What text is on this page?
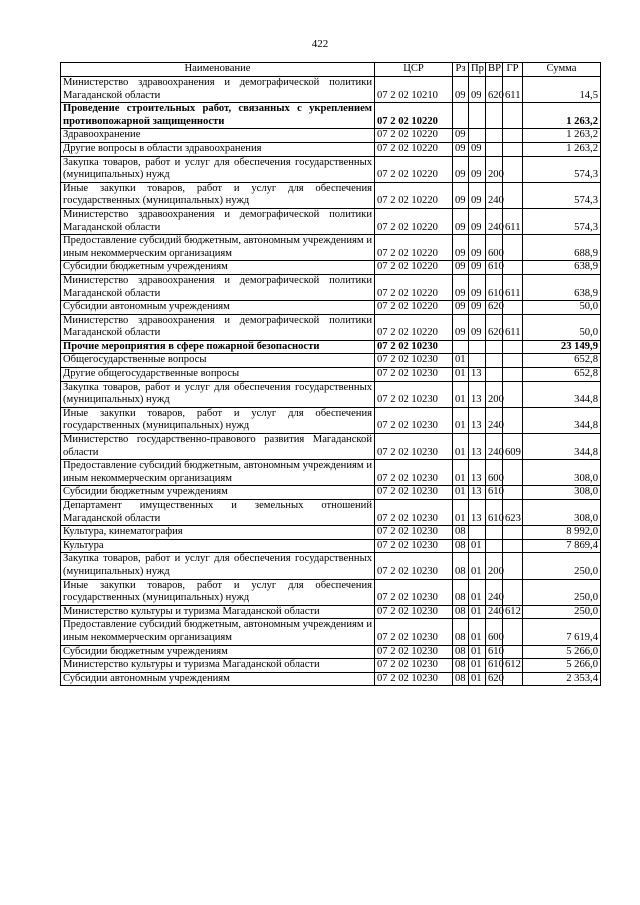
422
Наименование	ЦСР	Рз	Пр	ВР	ГР	Сумма
Министерство здравоохранения и демографической политики Магаданской области	07 2 02 10210	09	09	620	611	14,5
Проведение строительных работ, связанных с укреплением противопожарной защищенности	07 2 02 10220					1 263,2
Здравоохранение	07 2 02 10220	09				1 263,2
Другие вопросы в области здравоохранения	07 2 02 10220	09	09			1 263,2
Закупка товаров, работ и услуг для обеспечения государственных (муниципальных) нужд	07 2 02 10220	09	09	200		574,3
Иные закупки товаров, работ и услуг для обеспечения государственных (муниципальных) нужд	07 2 02 10220	09	09	240		574,3
Министерство здравоохранения и демографической политики Магаданской области	07 2 02 10220	09	09	240	611	574,3
Предоставление субсидий бюджетным, автономным учреждениям и иным некоммерческим организациям	07 2 02 10220	09	09	600		688,9
Субсидии бюджетным учреждениям	07 2 02 10220	09	09	610		638,9
Министерство здравоохранения и демографической политики Магаданской области	07 2 02 10220	09	09	610	611	638,9
Субсидии автономным учреждениям	07 2 02 10220	09	09	620		50,0
Министерство здравоохранения и демографической политики Магаданской области	07 2 02 10220	09	09	620	611	50,0
Прочие мероприятия в сфере пожарной безопасности	07 2 02 10230					23 149,9
Общегосударственные вопросы	07 2 02 10230	01				652,8
Другие общегосударственные вопросы	07 2 02 10230	01	13			652,8
Закупка товаров, работ и услуг для обеспечения государственных (муниципальных) нужд	07 2 02 10230	01	13	200		344,8
Иные закупки товаров, работ и услуг для обеспечения государственных (муниципальных) нужд	07 2 02 10230	01	13	240		344,8
Министерство государственно-правового развития Магаданской области	07 2 02 10230	01	13	240	609	344,8
Предоставление субсидий бюджетным, автономным учреждениям и иным некоммерческим организациям	07 2 02 10230	01	13	600		308,0
Субсидии бюджетным учреждениям	07 2 02 10230	01	13	610		308,0
Департамент имущественных и земельных отношений Магаданской области	07 2 02 10230	01	13	610	623	308,0
Культура, кинематография	07 2 02 10230	08				8 992,0
Культура	07 2 02 10230	08	01			7 869,4
Закупка товаров, работ и услуг для обеспечения государственных (муниципальных) нужд	07 2 02 10230	08	01	200		250,0
Иные закупки товаров, работ и услуг для обеспечения государственных (муниципальных) нужд	07 2 02 10230	08	01	240		250,0
Министерство культуры и туризма Магаданской области	07 2 02 10230	08	01	240	612	250,0
Предоставление субсидий бюджетным, автономным учреждениям и иным некоммерческим организациям	07 2 02 10230	08	01	600		7 619,4
Субсидии бюджетным учреждениям	07 2 02 10230	08	01	610		5 266,0
Министерство культуры и туризма Магаданской области	07 2 02 10230	08	01	610	612	5 266,0
Субсидии автономным учреждениям	07 2 02 10230	08	01	620		2 353,4
